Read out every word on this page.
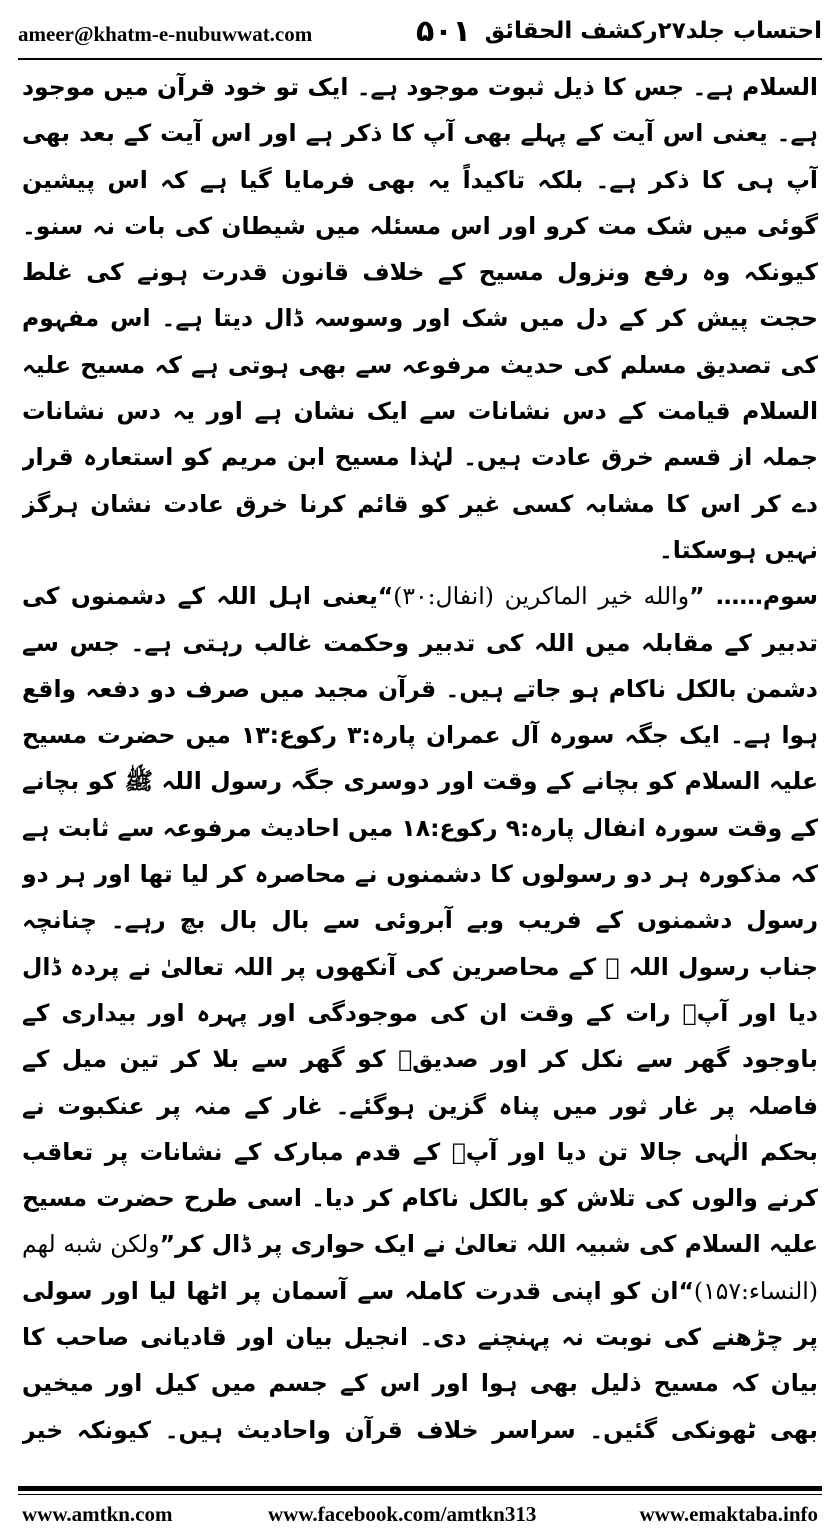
ameer@khatm-e-nubuwwat.com	۵۰۱ احتساب جلد۲۷رکشف الحقائق

السلام ہے۔ جس کا ذیل ثبوت موجود ہے۔ ایک تو خود قرآن میں موجود ہے۔ یعنی اس آیت کے پہلے بھی آپ کا ذکر ہے اور اس آیت کے بعد بھی آپ ہی کا ذکر ہے۔ بلکہ تاکیداً یہ بھی فرمایا گیا ہے کہ اس پیشین گوئی میں شک مت کرو اور اس مسئلہ میں شیطان کی بات نہ سنو۔ کیونکہ وہ رفع ونزول مسیح کے خلاف قانون قدرت ہونے کی غلط حجت پیش کر کے دل میں شک اور وسوسہ ڈال دیتا ہے۔ اس مفہوم کی تصدیق مسلم کی حدیث مرفوعہ سے بھی ہوتی ہے کہ مسیح علیہ السلام قیامت کے دس نشانات سے ایک نشان ہے اور یہ دس نشانات جملہ از قسم خرق عادت ہیں۔ لہٰذا مسیح ابن مریم کو استعارہ قرار دے کر اس کا مشابہ کسی غیر کو قائم کرنا خرق عادت نشان ہرگز نہیں ہوسکتا۔

سوم…… ”والله خير الماكرين (انفال:۳۰)“یعنی اہل اللہ کے دشمنوں کی تدبیر کے مقابلہ میں اللہ کی تدبیر وحکمت غالب رہتی ہے۔ جس سے دشمن بالکل ناکام ہو جاتے ہیں۔ قرآن مجید میں صرف دو دفعہ واقع ہوا ہے۔ ایک جگہ سورہ آل عمران پارہ:۳ رکوع:۱۳ میں حضرت مسیح علیہ السلام کو بچانے کے وقت اور دوسری جگہ رسول اللہ ﷺ کو بچانے کے وقت سورہ انفال پارہ:۹ رکوع:۱۸ میں احادیث مرفوعہ سے ثابت ہے کہ مذکورہ ہر دو رسولوں کا دشمنوں نے محاصرہ کر لیا تھا اور ہر دو رسول دشمنوں کے فریب وبے آبروئی سے بال بال بچ رہے۔ چنانچہ جناب رسول اللہ ﷺ کے محاصرین کی آنکھوں پر اللہ تعالیٰ نے پردہ ڈال دیا اور آپؐ رات کے وقت ان کی موجودگی اور پہرہ اور بیداری کے باوجود گھر سے نکل کر اور صدیقؓ کو گھر سے بلا کر تین میل کے فاصلہ پر غار ثور میں پناہ گزین ہوگئے۔ غار کے منہ پر عنکبوت نے بحکم الٰہی جالا تن دیا اور آپؐ کے قدم مبارک کے نشانات پر تعاقب کرنے والوں کی تلاش کو بالکل ناکام کر دیا۔ اسی طرح حضرت مسیح علیہ السلام کی شبیہ اللہ تعالیٰ نے ایک حواری پر ڈال کر”ولكن شبه لهم (النساء:۱۵۷)“ان کو اپنی قدرت کاملہ سے آسمان پر اٹھا لیا اور سولی پر چڑھنے کی نوبت نہ پہنچنے دی۔ انجیل بیان اور قادیانی صاحب کا بیان کہ مسیح ذلیل بھی ہوا اور اس کے جسم میں کیل اور میخیں بھی ٹھونکی گئیں۔ سراسر خلاف قرآن واحادیث ہیں۔ کیونکہ خیر

www.amtkn.com	www.facebook.com/amtkn313	www.emaktaba.info
